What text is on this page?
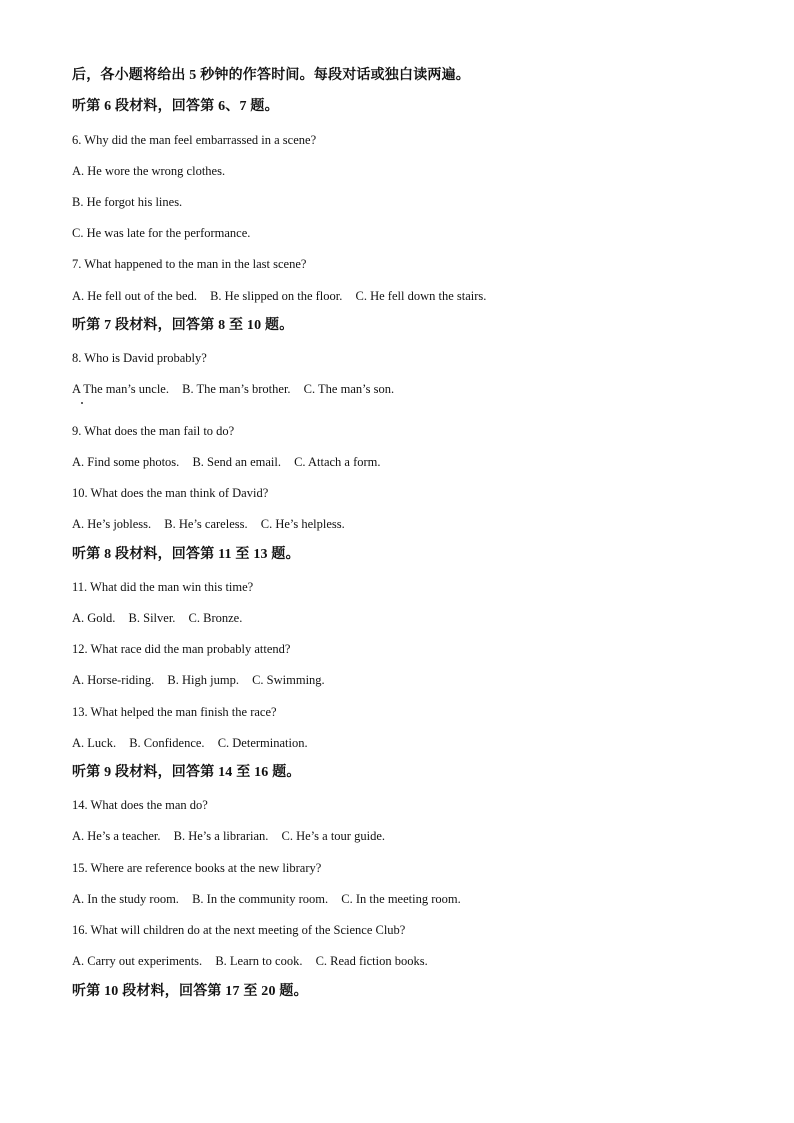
后，各小题将给出 5 秒钟的作答时间。每段对话或独白读两遍。
听第 6 段材料，回答第 6、7 题。
6. Why did the man feel embarrassed in a scene?
A. He wore the wrong clothes.
B. He forgot his lines.
C. He was late for the performance.
7. What happened to the man in the last scene?
A. He fell out of the bed. B. He slipped on the floor. C. He fell down the stairs.
听第 7 段材料，回答第 8 至 10 题。
8. Who is David probably?
A The man’s uncle. B. The man’s brother. C. The man’s son.
9. What does the man fail to do?
A. Find some photos. B. Send an email. C. Attach a form.
10. What does the man think of David?
A. He’s jobless. B. He’s careless. C. He’s helpless.
听第 8 段材料，回答第 11 至 13 题。
11. What did the man win this time?
A. Gold. B. Silver. C. Bronze.
12. What race did the man probably attend?
A. Horse-riding. B. High jump. C. Swimming.
13. What helped the man finish the race?
A. Luck. B. Confidence. C. Determination.
听第 9 段材料，回答第 14 至 16 题。
14. What does the man do?
A. He’s a teacher. B. He’s a librarian. C. He’s a tour guide.
15. Where are reference books at the new library?
A. In the study room. B. In the community room. C. In the meeting room.
16. What will children do at the next meeting of the Science Club?
A. Carry out experiments. B. Learn to cook. C. Read fiction books.
听第 10 段材料，回答第 17 至 20 题。
